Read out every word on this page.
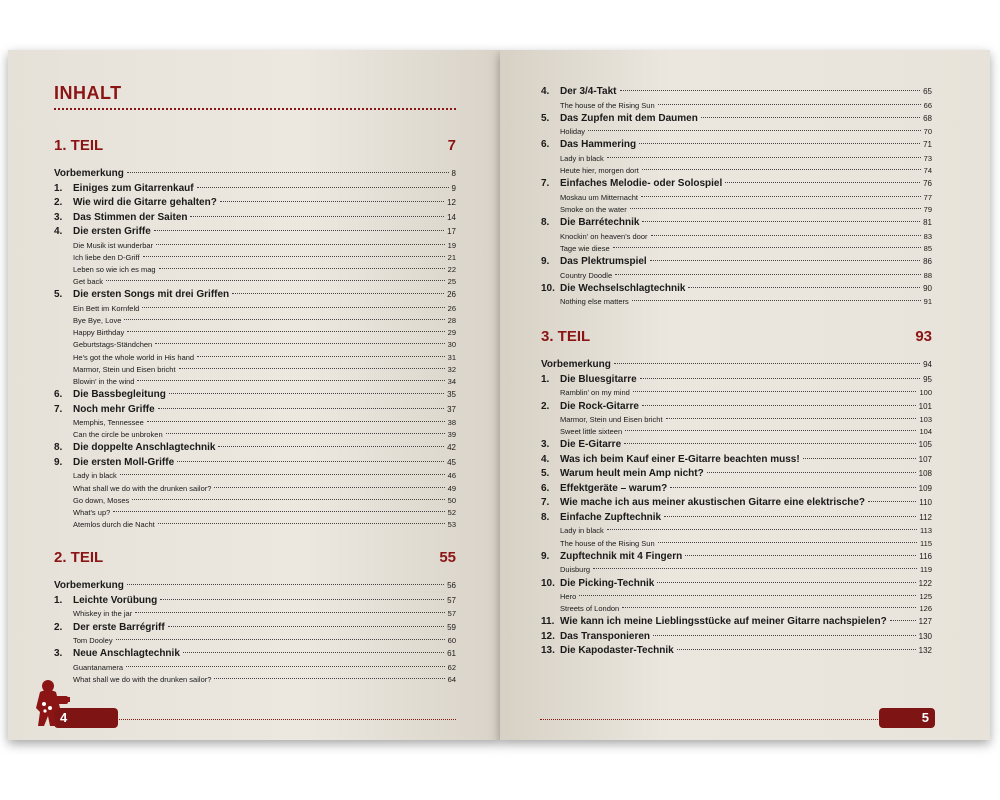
INHALT
1. TEIL	7
Vorbemerkung	8
1.	Einiges zum Gitarrenkauf	9
2.	Wie wird die Gitarre gehalten?	12
3.	Das Stimmen der Saiten	14
4.	Die ersten Griffe	17
Die Musik ist wunderbar	19
Ich liebe den D-Griff	21
Leben so wie ich es mag	22
Get back	25
5.	Die ersten Songs mit drei Griffen	26
Ein Bett im Kornfeld	26
Bye Bye, Love	28
Happy Birthday	29
Geburtstags-Ständchen	30
He's got the whole world in His hand	31
Marmor, Stein und Eisen bricht	32
Blowin' in the wind	34
6.	Die Bassbegleitung	35
7.	Noch mehr Griffe	37
Memphis, Tennessee	38
Can the circle be unbroken	39
8.	Die doppelte Anschlagtechnik	42
9.	Die ersten Moll-Griffe	45
Lady in black	46
What shall we do with the drunken sailor?	49
Go down, Moses	50
What's up?	52
Atemlos durch die Nacht	53
2. TEIL	55
Vorbemerkung	56
1.	Leichte Vorübung	57
Whiskey in the jar	57
2.	Der erste Barrégriff	59
Tom Dooley	60
3.	Neue Anschlagtechnik	61
Guantanamera	62
What shall we do with the drunken sailor?	64
4
4.	Der 3/4-Takt	65
The house of the Rising Sun	66
5.	Das Zupfen mit dem Daumen	68
Holiday	70
6.	Das Hammering	71
Lady in black	73
Heute hier, morgen dort	74
7.	Einfaches Melodie- oder Solospiel	76
Moskau um Mitternacht	77
Smoke on the water	79
8.	Die Barrétechnik	81
Knockin' on heaven's door	83
Tage wie diese	85
9.	Das Plektrumspiel	86
Country Doodle	88
10. Die Wechselschlagtechnik	90
Nothing else matters	91
3. TEIL	93
Vorbemerkung	94
1.	Die Bluesgitarre	95
Ramblin' on my mind	100
2.	Die Rock-Gitarre	101
Marmor, Stein und Eisen bricht	103
Sweet little sixteen	104
3.	Die E-Gitarre	105
4.	Was ich beim Kauf einer E-Gitarre beachten muss!	107
5.	Warum heult mein Amp nicht?	108
6.	Effektgeräte – warum?	109
7.	Wie mache ich aus meiner akustischen Gitarre eine elektrische?	110
8.	Einfache Zupftechnik	112
Lady in black	113
The house of the Rising Sun	115
9.	Zupftechnik mit 4 Fingern	116
Duisburg	119
10. Die Picking-Technik	122
Hero	125
Streets of London	126
11. Wie kann ich meine Lieblingsstücke auf meiner Gitarre nachspielen?	127
12. Das Transponieren	130
13. Die Kapodaster-Technik	132
5
